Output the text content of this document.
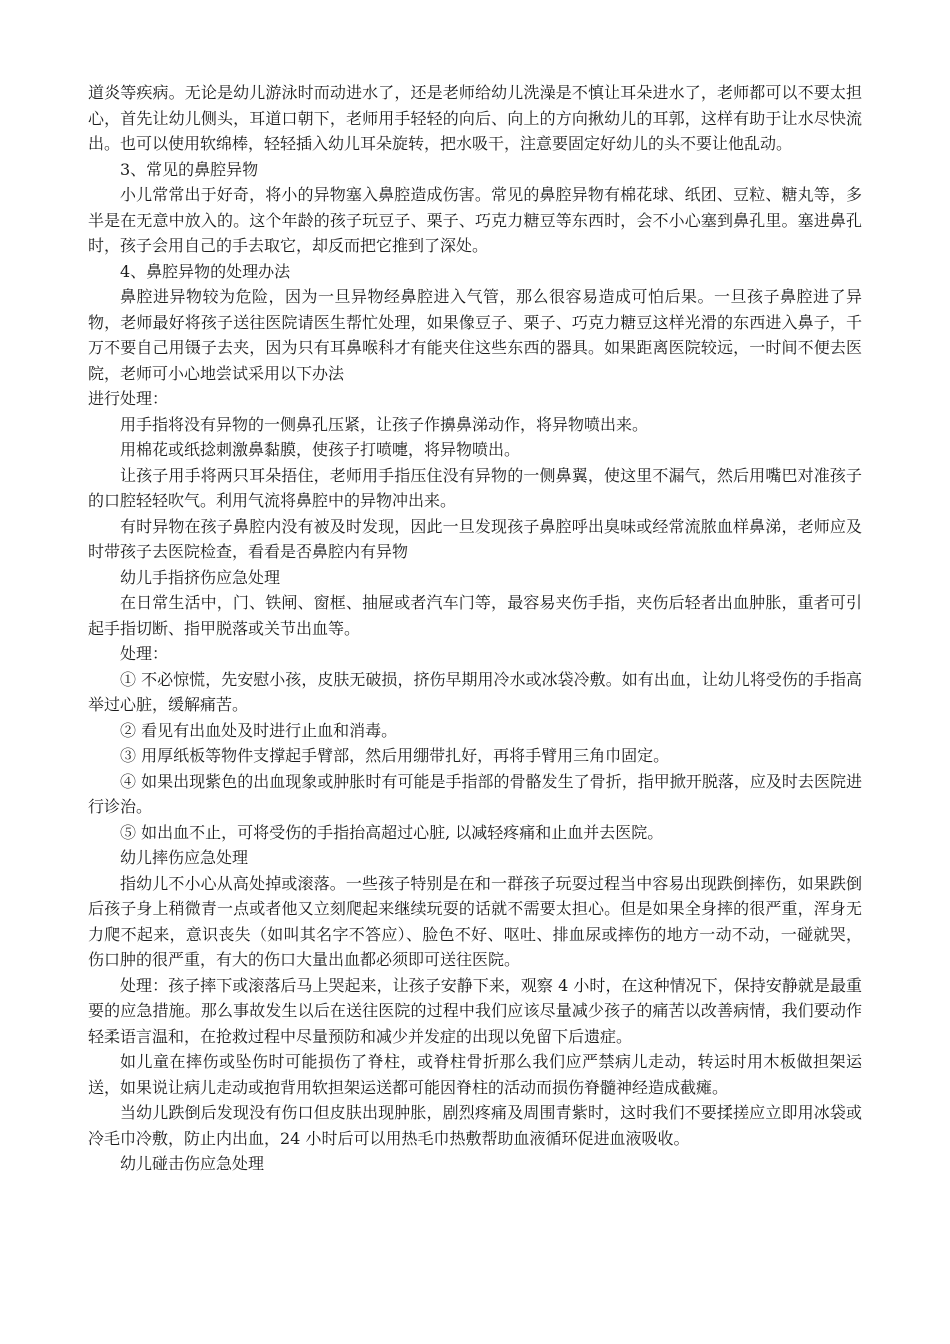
道炎等疾病。无论是幼儿游泳时而动进水了，还是老师给幼儿洗澡是不慎让耳朵进水了，老师都可以不要太担心，首先让幼儿侧头，耳道口朝下，老师用手轻轻的向后、向上的方向揪幼儿的耳郭，这样有助于让水尽快流出。也可以使用软绵棒，轻轻插入幼儿耳朵旋转，把水吸干，注意要固定好幼儿的头不要让他乱动。

3、常见的鼻腔异物

小儿常常出于好奇，将小的异物塞入鼻腔造成伤害。常见的鼻腔异物有棉花球、纸团、豆粒、糖丸等，多半是在无意中放入的。这个年龄的孩子玩豆子、栗子、巧克力糖豆等东西时，会不小心塞到鼻孔里。塞进鼻孔时，孩子会用自己的手去取它，却反而把它推到了深处。

4、鼻腔异物的处理办法

鼻腔进异物较为危险，因为一旦异物经鼻腔进入气管，那么很容易造成可怕后果。一旦孩子鼻腔进了异物，老师最好将孩子送往医院请医生帮忙处理，如果像豆子、栗子、巧克力糖豆这样光滑的东西进入鼻子，千万不要自己用镊子去夹，因为只有耳鼻喉科才有能夹住这些东西的器具。如果距离医院较远，一时间不便去医院，老师可小心地尝试采用以下办法

进行处理：

用手指将没有异物的一侧鼻孔压紧，让孩子作擤鼻涕动作，将异物喷出来。

用棉花或纸捻刺激鼻黏膜，使孩子打喷嚏，将异物喷出。

让孩子用手将两只耳朵捂住，老师用手指压住没有异物的一侧鼻翼，使这里不漏气，然后用嘴巴对准孩子的口腔轻轻吹气。利用气流将鼻腔中的异物冲出来。

有时异物在孩子鼻腔内没有被及时发现，因此一旦发现孩子鼻腔呼出臭味或经常流脓血样鼻涕，老师应及时带孩子去医院检查，看看是否鼻腔内有异物

幼儿手指挤伤应急处理

在日常生活中，门、铁闸、窗框、抽屉或者汽车门等，最容易夹伤手指，夹伤后轻者出血肿胀，重者可引起手指切断、指甲脱落或关节出血等。

处理：

① 不必惊慌，先安慰小孩，皮肤无破损，挤伤早期用冷水或冰袋冷敷。如有出血，让幼儿将受伤的手指高举过心脏，缓解痛苦。

② 看见有出血处及时进行止血和消毒。

③ 用厚纸板等物件支撑起手臂部，然后用绷带扎好，再将手臂用三角巾固定。

④ 如果出现紫色的出血现象或肿胀时有可能是手指部的骨骼发生了骨折，指甲掀开脱落，应及时去医院进行诊治。

⑤ 如出血不止，可将受伤的手指抬高超过心脏, 以减轻疼痛和止血并去医院。

幼儿摔伤应急处理

指幼儿不小心从高处掉或滚落。一些孩子特别是在和一群孩子玩耍过程当中容易出现跌倒摔伤，如果跌倒后孩子身上稍微青一点或者他又立刻爬起来继续玩耍的话就不需要太担心。但是如果全身摔的很严重，浑身无力爬不起来，意识丧失（如叫其名字不答应）、脸色不好、呕吐、排血尿或摔伤的地方一动不动，一碰就哭，伤口肿的很严重，有大的伤口大量出血都必须即可送往医院。

处理：孩子摔下或滚落后马上哭起来，让孩子安静下来，观察 4 小时，在这种情况下，保持安静就是最重要的应急措施。那么事故发生以后在送往医院的过程中我们应该尽量减少孩子的痛苦以改善病情，我们要动作轻柔语言温和，在抢救过程中尽量预防和减少并发症的出现以免留下后遗症。

如儿童在摔伤或坠伤时可能损伤了脊柱，或脊柱骨折那么我们应严禁病儿走动，转运时用木板做担架运送，如果说让病儿走动或抱背用软担架运送都可能因脊柱的活动而损伤脊髓神经造成截瘫。

当幼儿跌倒后发现没有伤口但皮肤出现肿胀，剧烈疼痛及周围青紫时，这时我们不要揉搓应立即用冰袋或冷毛巾冷敷，防止内出血，24 小时后可以用热毛巾热敷帮助血液循环促进血液吸收。

幼儿碰击伤应急处理
